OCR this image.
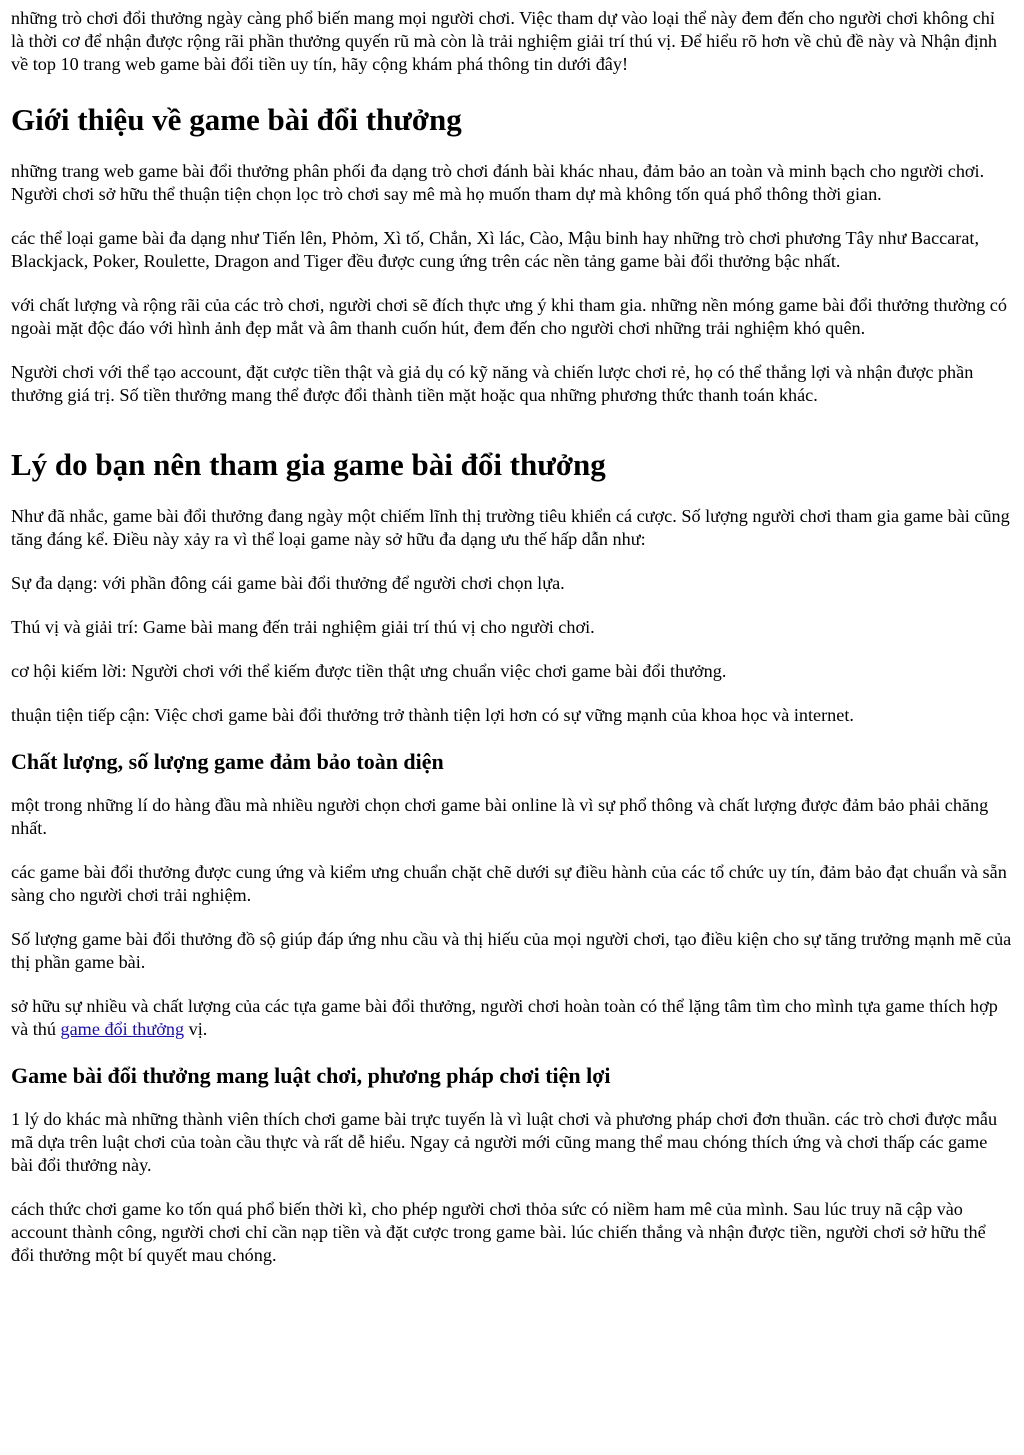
những trò chơi đổi thưởng ngày càng phổ biến mang mọi người chơi. Việc tham dự vào loại thể này đem đến cho người chơi không chỉ là thời cơ để nhận được rộng rãi phần thưởng quyến rũ mà còn là trải nghiệm giải trí thú vị. Để hiểu rõ hơn về chủ đề này và Nhận định về top 10 trang web game bài đổi tiền uy tín, hãy cộng khám phá thông tin dưới đây!

Giới thiệu về game bài đổi thưởng

những trang web game bài đổi thưởng phân phối đa dạng trò chơi đánh bài khác nhau, đảm bảo an toàn và minh bạch cho người chơi. Người chơi sở hữu thể thuận tiện chọn lọc trò chơi say mê mà họ muốn tham dự mà không tốn quá phổ thông thời gian.

các thể loại game bài đa dạng như Tiến lên, Phỏm, Xì tố, Chắn, Xì lác, Cào, Mậu binh hay những trò chơi phương Tây như Baccarat, Blackjack, Poker, Roulette, Dragon and Tiger đều được cung ứng trên các nền tảng game bài đổi thưởng bậc nhất.

với chất lượng và rộng rãi của các trò chơi, người chơi sẽ đích thực ưng ý khi tham gia. những nền móng game bài đổi thưởng thường có ngoài mặt độc đáo với hình ảnh đẹp mắt và âm thanh cuốn hút, đem đến cho người chơi những trải nghiệm khó quên.

Người chơi với thể tạo account, đặt cược tiền thật và giả dụ có kỹ năng và chiến lược chơi rẻ, họ có thể thắng lợi và nhận được phần thưởng giá trị. Số tiền thưởng mang thể được đổi thành tiền mặt hoặc qua những phương thức thanh toán khác.

Lý do bạn nên tham gia game bài đổi thưởng

Như đã nhắc, game bài đổi thưởng đang ngày một chiếm lĩnh thị trường tiêu khiển cá cược. Số lượng người chơi tham gia game bài cũng tăng đáng kể. Điều này xảy ra vì thể loại game này sở hữu đa dạng ưu thế hấp dẫn như:

Sự đa dạng: với phần đông cái game bài đổi thưởng để người chơi chọn lựa.

Thú vị và giải trí: Game bài mang đến trải nghiệm giải trí thú vị cho người chơi.

cơ hội kiếm lời: Người chơi với thể kiếm được tiền thật ưng chuẩn việc chơi game bài đổi thưởng.

thuận tiện tiếp cận: Việc chơi game bài đổi thưởng trở thành tiện lợi hơn có sự vững mạnh của khoa học và internet.

Chất lượng, số lượng game đảm bảo toàn diện

một trong những lí do hàng đầu mà nhiều người chọn chơi game bài online là vì sự phổ thông và chất lượng được đảm bảo phải chăng nhất.

các game bài đổi thưởng được cung ứng và kiểm ưng chuẩn chặt chẽ dưới sự điều hành của các tổ chức uy tín, đảm bảo đạt chuẩn và sẵn sàng cho người chơi trải nghiệm.

Số lượng game bài đổi thưởng đồ sộ giúp đáp ứng nhu cầu và thị hiếu của mọi người chơi, tạo điều kiện cho sự tăng trưởng mạnh mẽ của thị phần game bài.

sở hữu sự nhiều và chất lượng của các tựa game bài đổi thưởng, người chơi hoàn toàn có thể lặng tâm tìm cho mình tựa game thích hợp và thú game đổi thưởng vị.

Game bài đổi thưởng mang luật chơi, phương pháp chơi tiện lợi

1 lý do khác mà những thành viên thích chơi game bài trực tuyến là vì luật chơi và phương pháp chơi đơn thuần. các trò chơi được mẫu mã dựa trên luật chơi của toàn cầu thực và rất dễ hiểu. Ngay cả người mới cũng mang thể mau chóng thích ứng và chơi thấp các game bài đổi thưởng này.

cách thức chơi game ko tốn quá phổ biến thời kì, cho phép người chơi thỏa sức có niềm ham mê của mình. Sau lúc truy nã cập vào account thành công, người chơi chỉ cần nạp tiền và đặt cược trong game bài. lúc chiến thắng và nhận được tiền, người chơi sở hữu thể đổi thưởng một bí quyết mau chóng.
